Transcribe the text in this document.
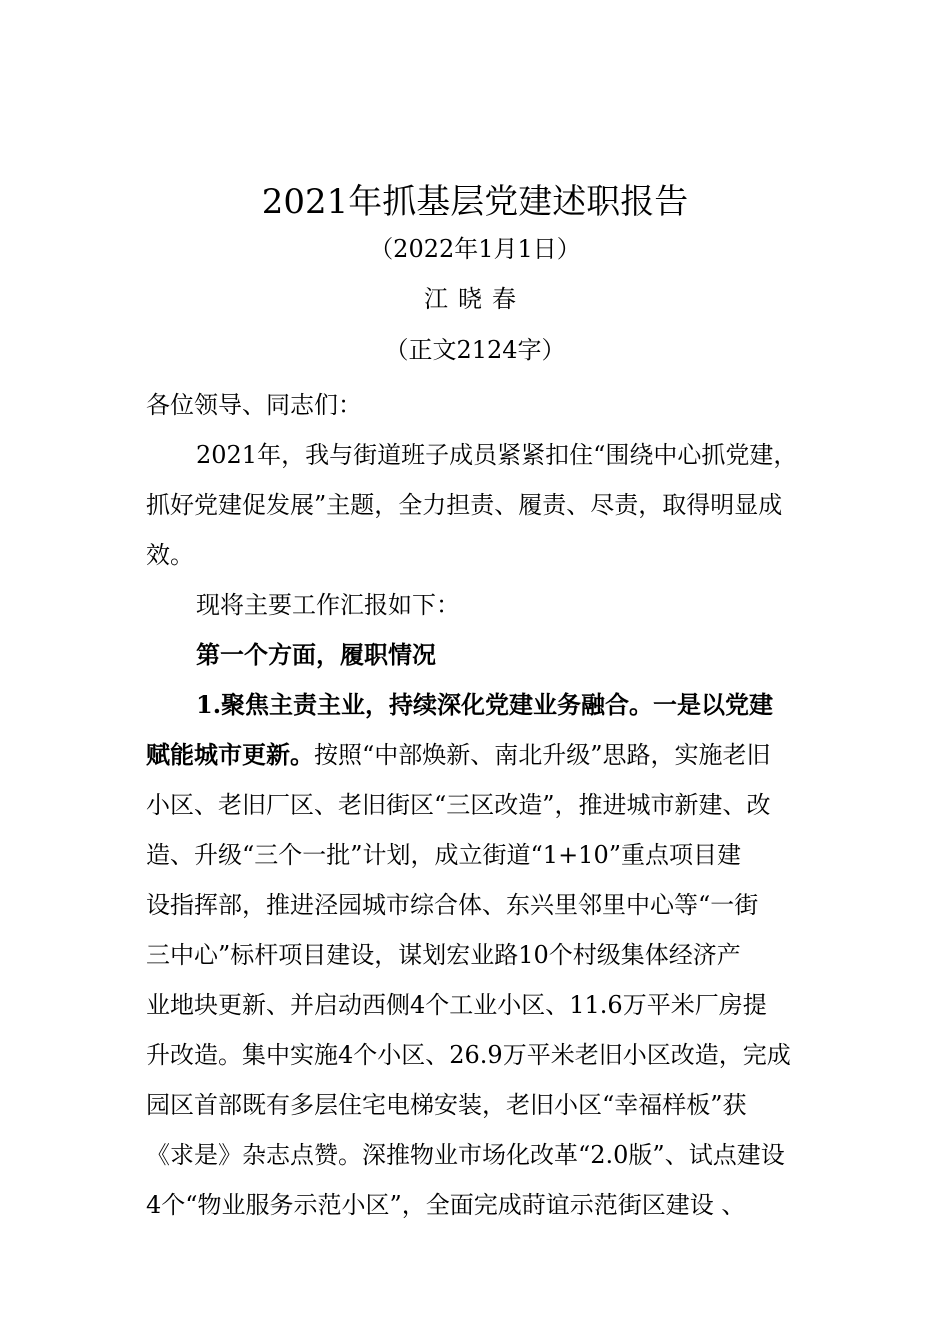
2021年抓基层党建述职报告

（2022年1月1日）

江晓春

（正文2124字）

各位领导、同志们：

2021年，我与街道班子成员紧紧扣住“围绕中心抓党建，
抓好党建促发展”主题，全力担责、履责、尽责，取得明显成
效。

现将主要工作汇报如下：

第一个方面，履职情况

1.聚焦主责主业，持续深化党建业务融合。一是以党建
赋能城市更新。按照“中部焕新、南北升级”思路，实施老旧
小区、老旧厂区、老旧街区“三区改造”，推进城市新建、改
造、升级“三个一批”计划，成立街道“1+10”重点项目建
设指挥部，推进泾园城市综合体、东兴里邻里中心等“一街
三中心”标杆项目建设，谋划宏业路10个村级集体经济产
业地块更新、并启动西侧4个工业小区、11.6万平米厂房提
升改造。集中实施4个小区、26.9万平米老旧小区改造，完成
园区首部既有多层住宅电梯安装，老旧小区“幸福样板”获
《求是》杂志点赞。深推物业市场化改革“2.0版”、试点建设
4个“物业服务示范小区”，全面完成莳谊示范街区建设 、
